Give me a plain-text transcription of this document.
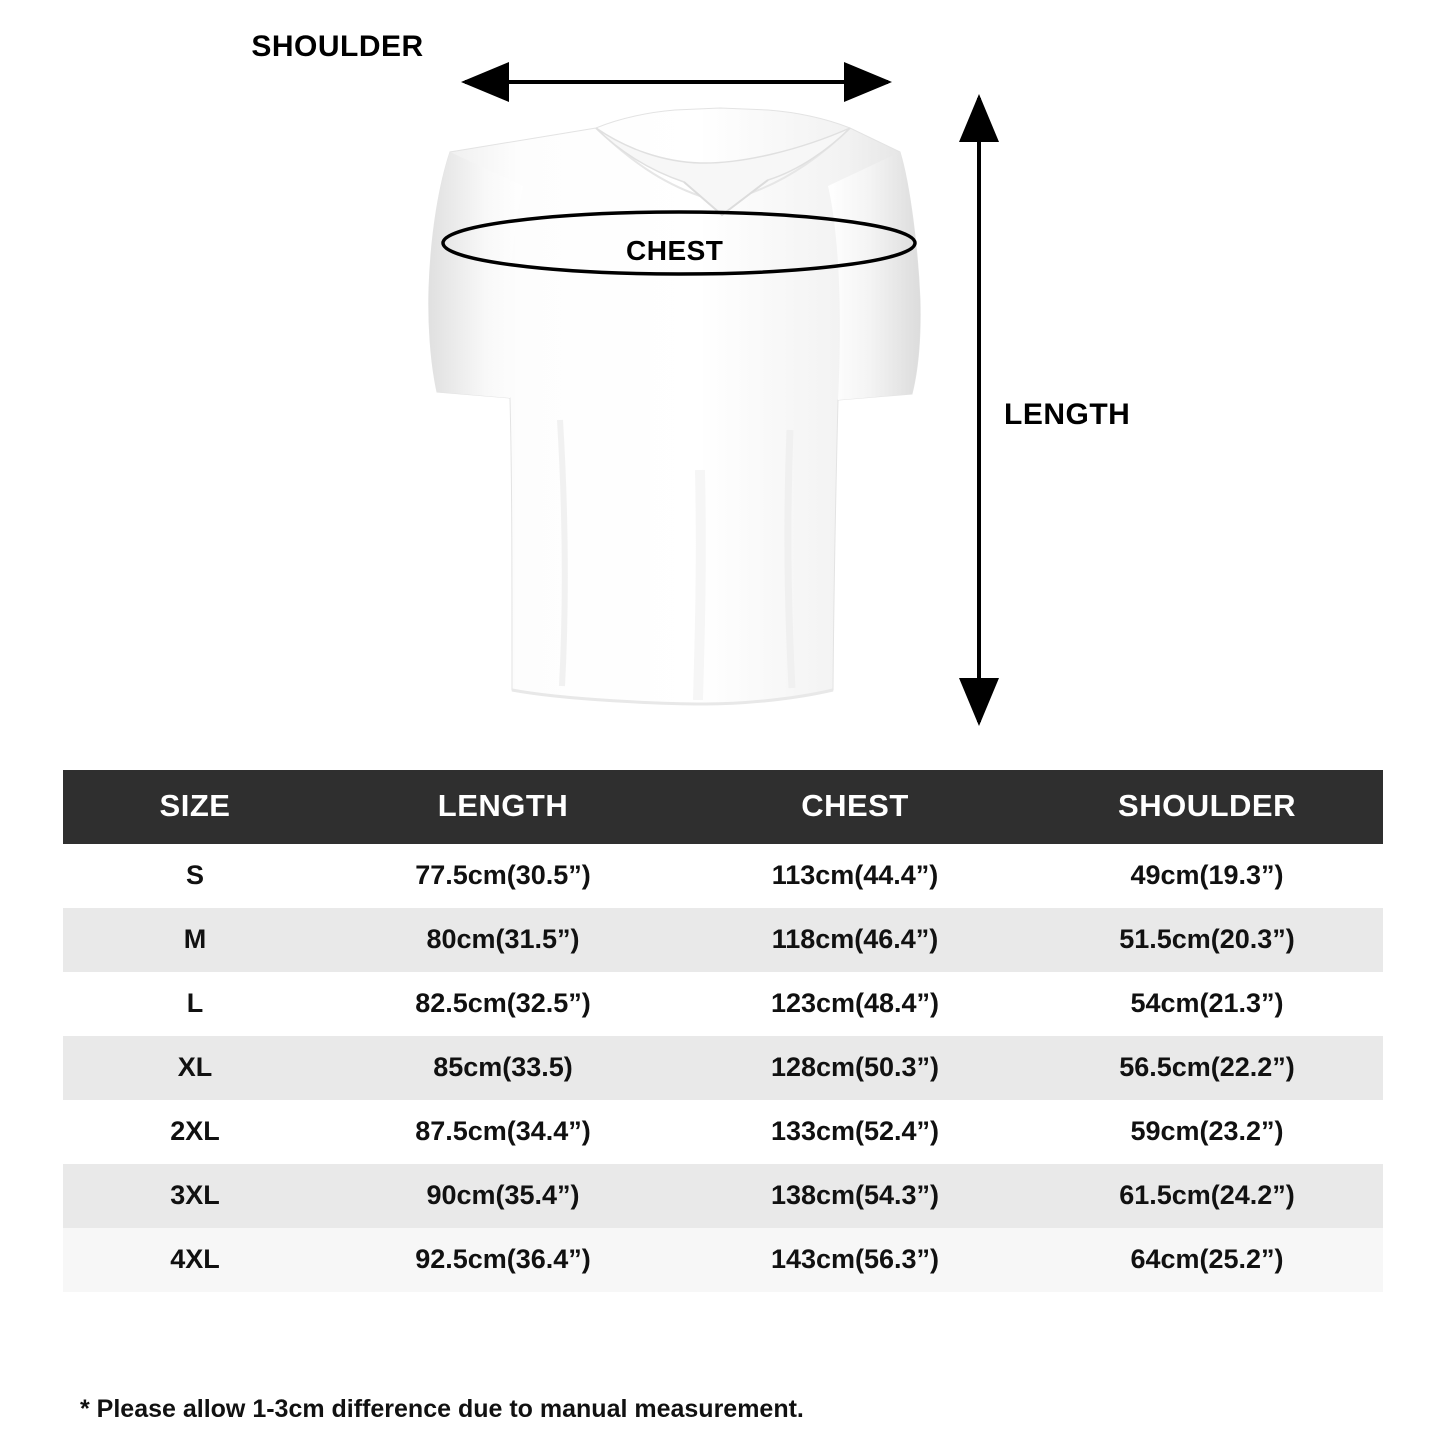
SHOULDER
CHEST
LENGTH
SIZE	LENGTH	CHEST	SHOULDER
S	77.5cm(30.5”)	113cm(44.4”)	49cm(19.3”)
M	80cm(31.5”)	118cm(46.4”)	51.5cm(20.3”)
L	82.5cm(32.5”)	123cm(48.4”)	54cm(21.3”)
XL	85cm(33.5)	128cm(50.3”)	56.5cm(22.2”)
2XL	87.5cm(34.4”)	133cm(52.4”)	59cm(23.2”)
3XL	90cm(35.4”)	138cm(54.3”)	61.5cm(24.2”)
4XL	92.5cm(36.4”)	143cm(56.3”)	64cm(25.2”)
* Please allow 1-3cm difference due to manual measurement.
